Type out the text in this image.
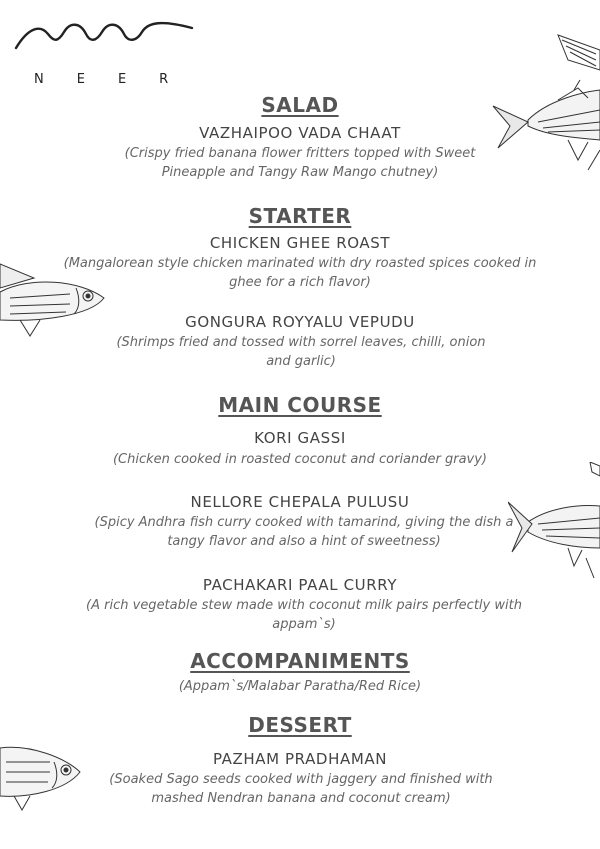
NEER
SALAD
VAZHAIPOO VADA CHAAT
(Crispy fried banana flower fritters topped with Sweet Pineapple and Tangy Raw Mango chutney)
STARTER
CHICKEN GHEE ROAST
(Mangalorean style chicken marinated with dry roasted spices cooked in ghee for a rich flavor)
GONGURA ROYYALU VEPUDU
(Shrimps fried and tossed with sorrel leaves, chilli, onion and garlic)
MAIN COURSE
KORI GASSI
(Chicken cooked in roasted coconut and coriander gravy)
NELLORE CHEPALA PULUSU
(Spicy Andhra fish curry cooked with tamarind, giving the dish a tangy flavor and also a hint of sweetness)
PACHAKARI PAAL CURRY
(A rich vegetable stew made with coconut milk pairs perfectly with appam`s)
ACCOMPANIMENTS
(Appam`s/Malabar Paratha/Red Rice)
DESSERT
PAZHAM PRADHAMAN
(Soaked Sago seeds cooked with jaggery and finished with mashed Nendran banana and coconut cream)
